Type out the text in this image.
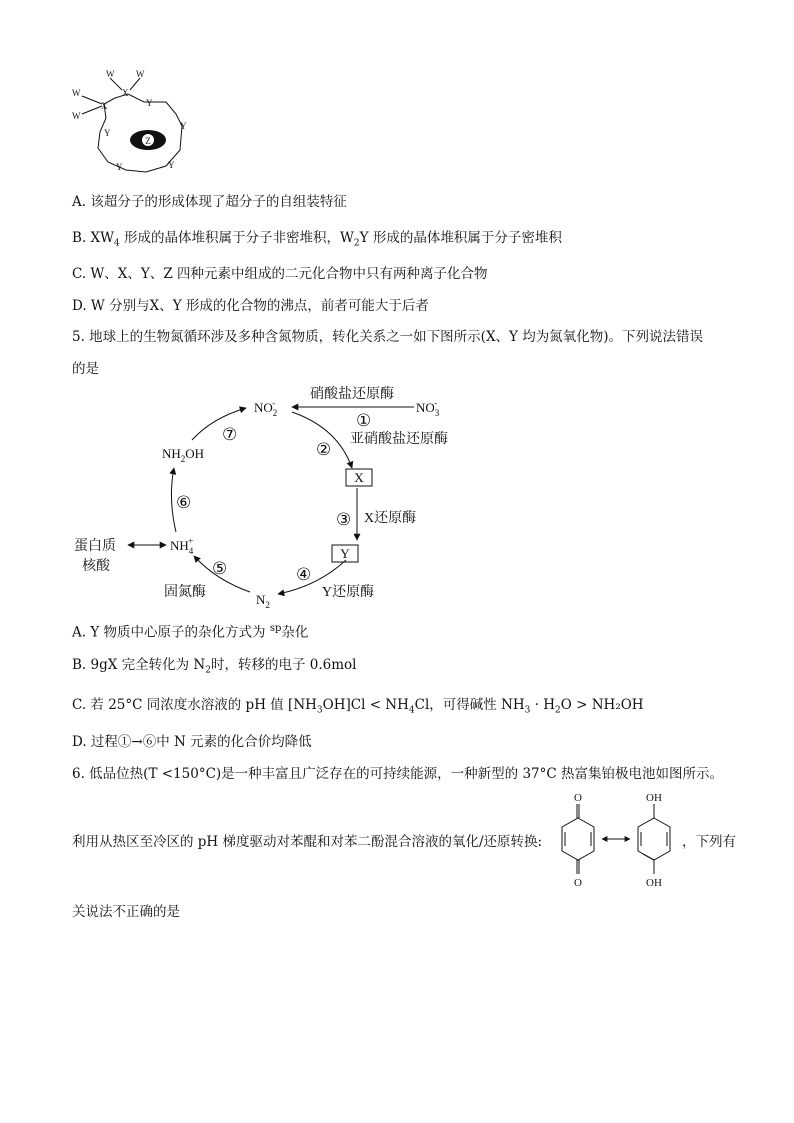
Z
W W
W
W
X
X	Y
Y
Y
Y
Y
A. 该超分子的形成体现了超分子的自组装特征
B. $XW_4$ 形成的晶体堆积属于分子非密堆积，$W_2Y$ 形成的晶体堆积属于分子密堆积
C. W、X、Y、Z 四种元素中组成的二元化合物中只有两种离子化合物
D. W 分别与X、Y 形成的化合物的沸点，前者可能大于后者
5. 地球上的生物氮循环涉及多种含氮物质，转化关系之一如下图所示(X、Y 均为氮氧化物)。下列说法错误
的是
$NO_3-$
$NO_2-$
$NH_2OH$
$NH_4+$
$N_2$
X
Y
硝酸盐还原酶
亚硝酸盐还原酶
X还原酶
Y还原酶
固氮酶
蛋白质
核酸
①
②
③
④
⑤
⑥
⑦
A. Y 物质中心原子的杂化方式为 $^{sp}$杂化
B. 9gX 完全转化为 $N_2$时，转移的电子 0.6mol
C. 若 25°C 同浓度水溶液的 pH 值 $[NH_3OH]Cl < NH_4Cl$，可得碱性 $NH_3 \cdot H_2O > NH_2OH$
D. 过程①→⑥中 N 元素的化合价均降低
6. 低品位热(T <150°C)是一种丰富且广泛存在的可持续能源，一种新型的 37°C 热富集铂极电池如图所示。
利用从热区至冷区的 pH 梯度驱动对苯醌和对苯二酚混合溶液的氧化/还原转换:
O
O
OH
OH
，下列有
关说法不正确的是
